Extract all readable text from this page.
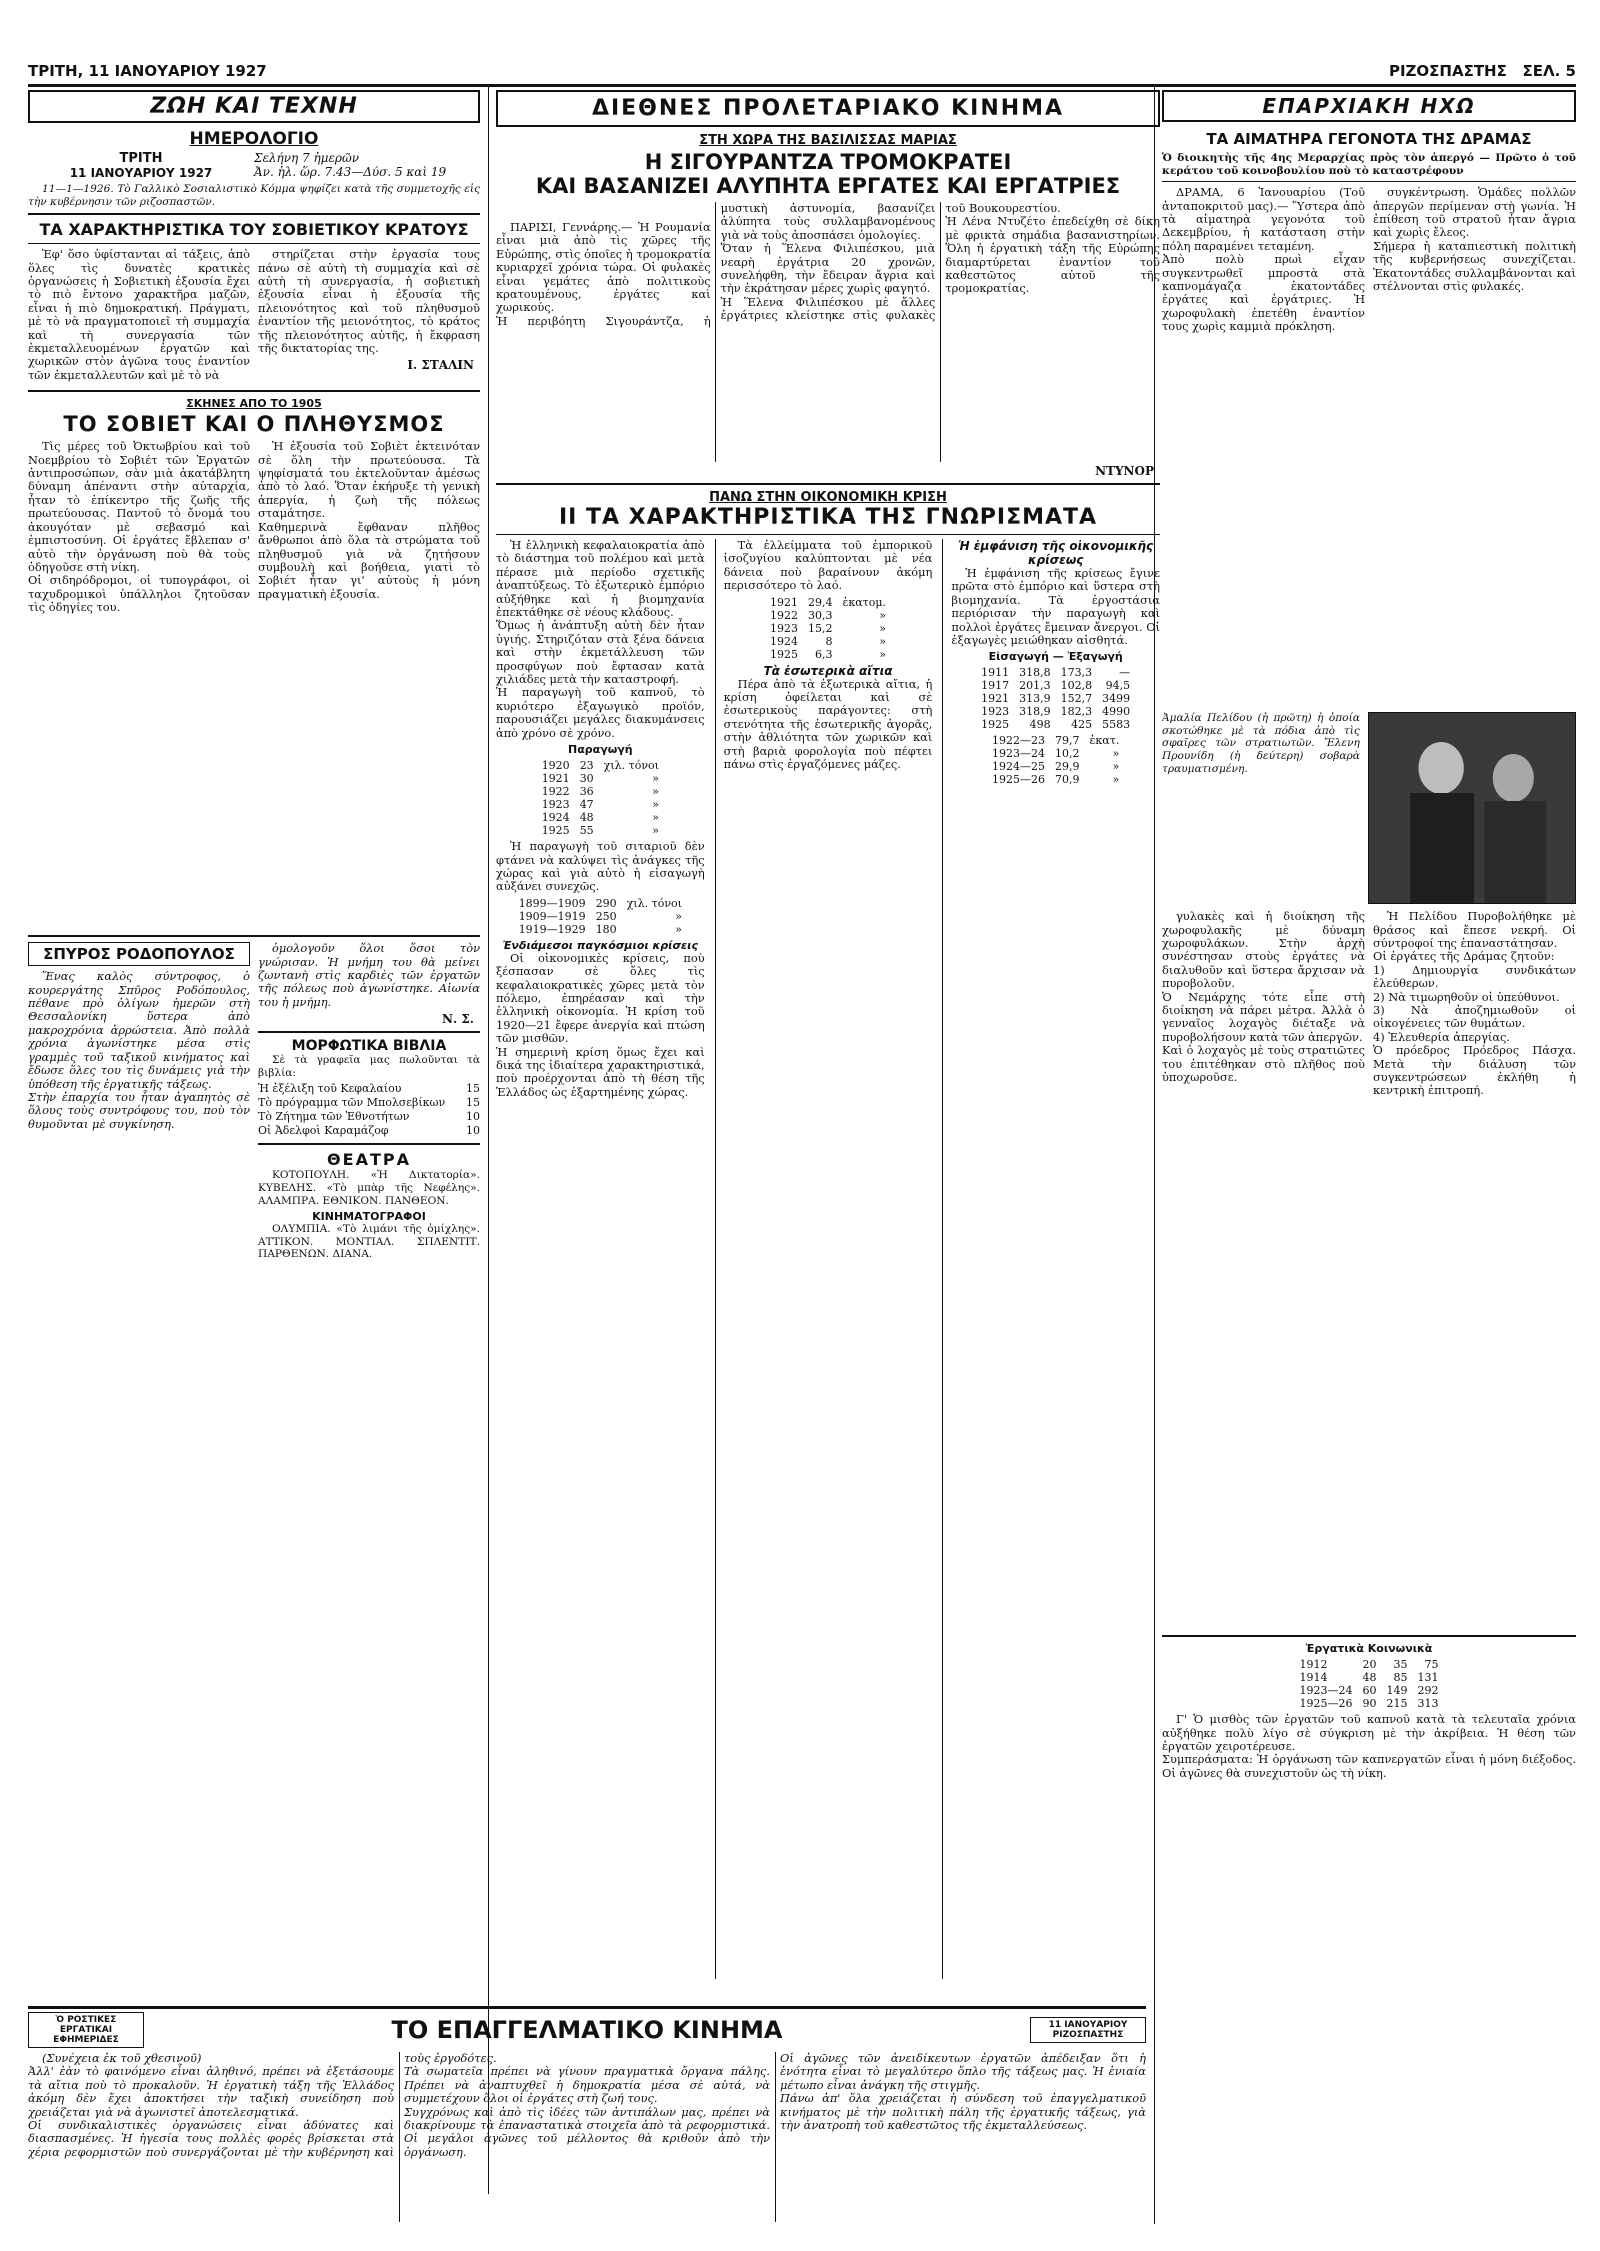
ΤΡΙΤΗ, 11 ΙΑΝΟΥΑΡΙΟΥ 1927	ΡΙΖΟΣΠΑΣΤΗΣ ΣΕΛ. 5
ΖΩΗ ΚΑΙ ΤΕΧΝΗ
ΗΜΕΡΟΛΟΓΙΟ
ΤΡΙΤΗ
11 ΙΑΝΟΥΑΡΙΟΥ 1927
Σελήνη 7 ἡμερῶν
Ἀν. ἡλ. ὥρ. 7.43—Δύσ. 5 καὶ 19

11—1—1926. Τὸ Γαλλικὸ Σοσιαλιστικὸ Κόμμα ψηφίζει κατὰ τῆς συμμετοχῆς εἰς τὴν κυβέρνησιν τῶν ριζοσπαστῶν.

ΤΑ ΧΑΡΑΚΤΗΡΙΣΤΙΚΑ ΤΟΥ ΣΟΒΙΕΤΙΚΟΥ ΚΡΑΤΟΥΣ

Ἐφ' ὅσο ὑφίστανται αἱ τάξεις, ἀπὸ ὅλες τὶς δυνατὲς κρατικὲς ὀργανώσεις ἡ Σοβιετικὴ ἐξουσία ἔχει τὸ πιὸ ἔντονο χαρακτῆρα μαζῶν, εἶναι ἡ πιὸ δημοκρατική. Πράγματι, μὲ τὸ νὰ πραγματοποιεῖ τὴ συμμαχία καὶ τὴ συνεργασία τῶν ἐκμεταλλευομένων ἐργατῶν καὶ χωρικῶν στὸν ἀγῶνα τους ἐναντίον τῶν ἐκμεταλλευτῶν καὶ μὲ τὸ νὰ

στηρίζεται στὴν ἐργασία τους πάνω σὲ αὐτὴ τὴ συμμαχία καὶ σὲ αὐτὴ τὴ συνεργασία, ἡ σοβιετικὴ ἐξουσία εἶναι ἡ ἐξουσία τῆς πλειονότητος καὶ τοῦ πληθυσμοῦ ἐναντίον τῆς μειονότητος, τὸ κράτος τῆς πλειονότητος αὐτῆς, ἡ ἔκφραση τῆς δικτατορίας της.

Ι. ΣΤΑΛΙΝ
ΣΚΗΝΕΣ ΑΠΟ ΤΟ 1905
ΤΟ ΣΟΒΙΕΤ ΚΑΙ Ο ΠΛΗΘΥΣΜΟΣ

Τὶς μέρες τοῦ Ὀκτωβρίου καὶ τοῦ Νοεμβρίου τὸ Σοβιέτ τῶν Ἐργατῶν ἀντιπροσώπων, σὰν μιὰ ἀκατάβλητη δύναμη ἀπέναντι στὴν αὐταρχία, ἦταν τὸ ἐπίκεντρο τῆς ζωῆς τῆς πρωτεύουσας. Παντοῦ τὸ ὄνομά του ἀκουγόταν μὲ σεβασμό καὶ ἐμπιστοσύνη. Οἱ ἐργάτες ἔβλεπαν σ' αὐτὸ τὴν ὀργάνωση ποὺ θὰ τοὺς ὁδηγοῦσε στὴ νίκη.
Οἱ σιδηρόδρομοι, οἱ τυπογράφοι, οἱ ταχυδρομικοὶ ὑπάλληλοι ζητοῦσαν τὶς ὁδηγίες του.

Ἡ ἐξουσία τοῦ Σοβιὲτ ἐκτεινόταν σὲ ὅλη τὴν πρωτεύουσα. Τὰ ψηφίσματά του ἐκτελοῦνταν ἀμέσως ἀπὸ τὸ λαό. Ὅταν ἐκήρυξε τὴ γενικὴ ἀπεργία, ἡ ζωὴ τῆς πόλεως σταμάτησε.
Καθημερινὰ ἔφθαναν πλῆθος ἄνθρωποι ἀπὸ ὅλα τὰ στρώματα τοῦ πληθυσμοῦ γιὰ νὰ ζητήσουν συμβουλὴ καὶ βοήθεια, γιατὶ τὸ Σοβιέτ ἦταν γι' αὐτοὺς ἡ μόνη πραγματικὴ ἐξουσία.

ΣΠΥΡΟΣ ΡΟΔΟΠΟΥΛΟΣ

Ἕνας καλὸς σύντροφος, ὁ κουρεργάτης Σπῦρος Ροδόπουλος, πέθανε πρὸ ὀλίγων ἡμερῶν στὴ Θεσσαλονίκη ὕστερα ἀπὸ μακροχρόνια ἀρρώστεια. Ἀπὸ πολλὰ χρόνια ἀγωνίστηκε μέσα στὶς γραμμὲς τοῦ ταξικοῦ κινήματος καὶ ἔδωσε ὅλες του τὶς δυνάμεις γιὰ τὴν ὑπόθεση τῆς ἐργατικῆς τάξεως.
Στὴν ἐπαρχία του ἦταν ἀγαπητὸς σὲ ὅλους τοὺς συντρόφους του, ποὺ τὸν θυμοῦνται μὲ συγκίνηση.

ὁμολογοῦν ὅλοι ὅσοι τὸν γνώρισαν. Ἡ μνήμη του θὰ μείνει ζωντανὴ στὶς καρδιὲς τῶν ἐργατῶν τῆς πόλεως ποὺ ἀγωνίστηκε. Αἰωνία του ἡ μνήμη.

Ν. Σ.
ΜΟΡΦΩΤΙΚΑ ΒΙΒΛΙΑ

Σὲ τὰ γραφεῖα μας πωλοῦνται τὰ βιβλία:

Ἡ ἐξέλιξη τοῦ Κεφαλαίου	15
Τὸ πρόγραμμα τῶν Μπολσεβίκων 15
Τὸ Ζήτημα τῶν Ἐθνοτήτων	10
Οἱ Ἀδελφοὶ Καραμάζοφ	10
ΘΕΑΤΡΑ

ΚΟΤΟΠΟΥΛΗ. «Ἡ Δικτατορία». ΚΥΒΕΛΗΣ. «Τὸ μπὰρ τῆς Νεφέλης». ΑΛΑΜΠΡΑ. ΕΘΝΙΚΟΝ. ΠΑΝΘΕΟΝ.

ΚΙΝΗΜΑΤΟΓΡΑΦΟΙ

ΟΛΥΜΠΙΑ. «Τὸ λιμάνι τῆς ὁμίχλης». ΑΤΤΙΚΟΝ. ΜΟΝΤΙΑΛ. ΣΠΛΕΝΤΙΤ. ΠΑΡΘΕΝΩΝ. ΔΙΑΝΑ.

ΔΙΕΘΝΕΣ ΠΡΟΛΕΤΑΡΙΑΚΟ ΚΙΝΗΜΑ
ΣΤΗ ΧΩΡΑ ΤΗΣ ΒΑΣΙΛΙΣΣΑΣ ΜΑΡΙΑΣ
Η ΣΙΓΟΥΡΑΝΤΖΑ ΤΡΟΜΟΚΡΑΤΕΙ
ΚΑΙ ΒΑΣΑΝΙΖΕΙ ΑΛΥΠΗΤΑ ΕΡΓΑΤΕΣ ΚΑΙ ΕΡΓΑΤΡΙΕΣ

ΠΑΡΙΣΙ, Γεννάρης.— Ἡ Ρουμανία εἶναι μιὰ ἀπὸ τὶς χῶρες τῆς Εὐρώπης, στὶς ὁποῖες ἡ τρομοκρατία κυριαρχεῖ χρόνια τώρα. Οἱ φυλακὲς εἶναι γεμάτες ἀπὸ πολιτικοὺς κρατουμένους, ἐργάτες καὶ χωρικούς.
Ἡ περιβόητη Σιγουράντζα, ἡ μυστικὴ ἀστυνομία, βασανίζει ἀλύπητα τοὺς συλλαμβανομένους γιὰ νὰ τοὺς ἀποσπάσει ὁμολογίες.
Ὅταν ἡ Ἕλενα Φιλιπέσκου, μιὰ νεαρὴ ἐργάτρια 20 χρονῶν, συνελήφθη, τὴν ἔδειραν ἄγρια καὶ τὴν ἐκράτησαν μέρες χωρὶς φαγητό.
Ἡ Ἕλενα Φιλιπέσκου μὲ ἄλλες ἐργάτριες κλείστηκε στὶς φυλακὲς τοῦ Βουκουρεστίου.
Ἡ Λένα Ντυζέτο ἐπεδείχθη σὲ δίκη μὲ φρικτὰ σημάδια βασανιστηρίων. Ὅλη ἡ ἐργατικὴ τάξη τῆς Εὐρώπης διαμαρτύρεται ἐναντίον τοῦ καθεστῶτος αὐτοῦ τῆς τρομοκρατίας.

ΝΤΥΝΟΡ
ΠΑΝΩ ΣΤΗΝ ΟΙΚΟΝΟΜΙΚΗ ΚΡΙΣΗ
ΙΙ ΤΑ ΧΑΡΑΚΤΗΡΙΣΤΙΚΑ ΤΗΣ ΓΝΩΡΙΣΜΑΤΑ

Ἡ ἑλληνικὴ κεφαλαιοκρατία ἀπὸ τὸ διάστημα τοῦ πολέμου καὶ μετὰ πέρασε μιὰ περίοδο σχετικῆς ἀναπτύξεως. Τὸ ἐξωτερικὸ ἐμπόριο αὐξήθηκε καὶ ἡ βιομηχανία ἐπεκτάθηκε σὲ νέους κλάδους.
Ὅμως ἡ ἀνάπτυξη αὐτὴ δὲν ἦταν ὑγιής. Στηριζόταν στὰ ξένα δάνεια καὶ στὴν ἐκμετάλλευση τῶν προσφύγων ποὺ ἔφτασαν κατὰ χιλιάδες μετὰ τὴν καταστροφή.
Ἡ παραγωγὴ τοῦ καπνοῦ, τὸ κυριότερο ἐξαγωγικὸ προϊόν, παρουσιάζει μεγάλες διακυμάνσεις ἀπὸ χρόνο σὲ χρόνο.

Παραγωγή
1920	23	χιλ. τόνοι
1921	30	»
1922	36	»
1923	47	»
1924	48	»
1925	55	»

Ἡ παραγωγὴ τοῦ σιταριοῦ δὲν φτάνει νὰ καλύψει τὶς ἀνάγκες τῆς χώρας καὶ γιὰ αὐτὸ ἡ εἰσαγωγὴ αὐξάνει συνεχῶς.

1899—1909	290	χιλ. τόνοι
1909—1919	250	»
1919—1929	180	»
Ἐνδιάμεσοι παγκόσμιοι κρίσεις

Οἱ οἰκονομικὲς κρίσεις, ποὺ ξέσπασαν σὲ ὅλες τὶς κεφαλαιοκρατικὲς χῶρες μετὰ τὸν πόλεμο, ἐπηρέασαν καὶ τὴν ἑλληνικὴ οἰκονομία. Ἡ κρίση τοῦ 1920—21 ἔφερε ἀνεργία καὶ πτώση τῶν μισθῶν.
Ἡ σημερινὴ κρίση ὅμως ἔχει καὶ δικά της ἰδιαίτερα χαρακτηριστικά, ποὺ προέρχονται ἀπὸ τὴ θέση τῆς Ἑλλάδος ὡς ἐξαρτημένης χώρας.

Τὰ ἐλλείμματα τοῦ ἐμπορικοῦ ἰσοζυγίου καλύπτονται μὲ νέα δάνεια ποὺ βαραίνουν ἀκόμη περισσότερο τὸ λαό.

1921	29,4	ἑκατομ.
1922	30,3	»
1923	15,2	»
1924	8	»
1925	6,3	»
Τὰ ἐσωτερικὰ αἴτια

Πέρα ἀπὸ τὰ ἐξωτερικὰ αἴτια, ἡ κρίση ὀφείλεται καὶ σὲ ἐσωτερικοὺς παράγοντες: στὴ στενότητα τῆς ἐσωτερικῆς ἀγορᾶς, στὴν ἀθλιότητα τῶν χωρικῶν καὶ στὴ βαριὰ φορολογία ποὺ πέφτει πάνω στὶς ἐργαζόμενες μάζες.

Ἡ ἐμφάνιση τῆς οἰκονομικῆς κρίσεως

Ἡ ἐμφάνιση τῆς κρίσεως ἔγινε πρῶτα στὸ ἐμπόριο καὶ ὕστερα στὴ βιομηχανία. Τὰ ἐργοστάσια περιόρισαν τὴν παραγωγὴ καὶ πολλοὶ ἐργάτες ἔμειναν ἄνεργοι. Οἱ ἐξαγωγὲς μειώθηκαν αἰσθητά.

Εἰσαγωγή — Ἐξαγωγή
1911	318,8	173,3	—
1917	201,3	102,8	94,5
1921	313,9	152,7	3499
1923	318,9	182,3	4990
1925	498	425	5583
1922—23	79,7	ἑκατ.
1923—24	10,2	»
1924—25	29,9	»
1925—26	70,9	»
Ὁ ΡΟΣΤΙΚΕΣ ΕΡΓΑΤΙΚΑΙ ΕΦΗΜΕΡΙΔΕΣ	ΤΟ ΕΠΑΓΓΕΛΜΑΤΙΚΟ ΚΙΝΗΜΑ	11 ΙΑΝΟΥΑΡΙΟΥ ΡΙΖΟΣΠΑΣΤΗΣ

(Συνέχεια ἐκ τοῦ χθεσινοῦ)
Ἀλλ' ἐὰν τὸ φαινόμενο εἶναι ἀληθινό, πρέπει νὰ ἐξετάσουμε τὰ αἴτια ποὺ τὸ προκαλοῦν. Ἡ ἐργατικὴ τάξη τῆς Ἑλλάδος ἀκόμη δὲν ἔχει ἀποκτήσει τὴν ταξικὴ συνείδηση ποὺ χρειάζεται γιὰ νὰ ἀγωνιστεῖ ἀποτελεσματικά.
Οἱ συνδικαλιστικὲς ὀργανώσεις εἶναι ἀδύνατες καὶ διασπασμένες. Ἡ ἡγεσία τους πολλὲς φορὲς βρίσκεται στὰ χέρια ρεφορμιστῶν ποὺ συνεργάζονται μὲ τὴν κυβέρνηση καὶ τοὺς ἐργοδότες.
Τὰ σωματεῖα πρέπει νὰ γίνουν πραγματικὰ ὄργανα πάλης. Πρέπει νὰ ἀναπτυχθεῖ ἡ δημοκρατία μέσα σὲ αὐτά, νὰ συμμετέχουν ὅλοι οἱ ἐργάτες στὴ ζωή τους.
Συγχρόνως καὶ ἀπὸ τὶς ἰδέες τῶν ἀντιπάλων μας, πρέπει νὰ διακρίνουμε τὰ ἐπαναστατικὰ στοιχεῖα ἀπὸ τὰ ρεφορμιστικά. Οἱ μεγάλοι ἀγῶνες τοῦ μέλλοντος θὰ κριθοῦν ἀπὸ τὴν ὀργάνωση.
Οἱ ἀγῶνες τῶν ἀνειδίκευτων ἐργατῶν ἀπέδειξαν ὅτι ἡ ἑνότητα εἶναι τὸ μεγαλύτερο ὅπλο τῆς τάξεως μας. Ἡ ἑνιαία μέτωπο εἶναι ἀνάγκη τῆς στιγμῆς.
Πάνω ἀπ' ὅλα χρειάζεται ἡ σύνδεση τοῦ ἐπαγγελματικοῦ κινήματος μὲ τὴν πολιτικὴ πάλη τῆς ἐργατικῆς τάξεως, γιὰ τὴν ἀνατροπὴ τοῦ καθεστῶτος τῆς ἐκμεταλλεύσεως.

ΕΠΑΡΧΙΑΚΗ ΗΧΩ
ΤΑ ΑΙΜΑΤΗΡΑ ΓΕΓΟΝΟΤΑ ΤΗΣ ΔΡΑΜΑΣ

Ὁ διοικητὴς τῆς 4ης Μεραρχίας πρὸς τὸν ἀπεργό — Πρῶτο ὁ τοῦ κεράτου τοῦ κοινοβουλίου ποὺ τὸ καταστρέφουν

ΔΡΑΜΑ, 6 Ἰανουαρίου (Τοῦ ἀνταποκριτοῦ μας).— Ὕστερα ἀπὸ τὰ αἱματηρὰ γεγονότα τοῦ Δεκεμβρίου, ἡ κατάσταση στὴν πόλη παραμένει τεταμένη.
Ἀπὸ πολὺ πρωὶ εἶχαν συγκεντρωθεῖ μπροστὰ στὰ καπνομάγαζα ἑκατοντάδες ἐργάτες καὶ ἐργάτριες. Ἡ χωροφυλακὴ ἐπετέθη ἐναντίον τους χωρὶς καμμιὰ πρόκληση.

συγκέντρωση. Ὁμάδες πολλῶν ἀπεργῶν περίμεναν στὴ γωνία. Ἡ ἐπίθεση τοῦ στρατοῦ ἦταν ἄγρια καὶ χωρὶς ἔλεος.
Σήμερα ἡ καταπιεστικὴ πολιτικὴ τῆς κυβερνήσεως συνεχίζεται. Ἐκατοντάδες συλλαμβάνονται καὶ στέλνονται στὶς φυλακές.

Ἀμαλία Πελίδου (ἡ πρῶτη) ἡ ὁποία σκοτώθηκε μὲ τὰ πόδια ἀπὸ τὶς σφαῖρες τῶν στρατιωτῶν. Ἔλενη Προυνίδη (ἡ δεύτερη) σοβαρὰ τραυματισμένη.

γυλακὲς καὶ ἡ διοίκηση τῆς χωροφυλακῆς μὲ δύναμη χωροφυλάκων. Στὴν ἀρχὴ συνέστησαν στοὺς ἐργάτες νὰ διαλυθοῦν καὶ ὕστερα ἄρχισαν νὰ πυροβολοῦν.
Ὁ Νεμάρχης τότε εἶπε στὴ διοίκηση νὰ πάρει μέτρα. Ἀλλὰ ὁ γενναῖος λοχαγὸς διέταξε νὰ πυροβολήσουν κατὰ τῶν ἀπεργῶν.
Καὶ ὁ λοχαγὸς μὲ τοὺς στρατιῶτες του ἐπιτέθηκαν στὸ πλῆθος ποὺ ὑποχωροῦσε.

Ἡ Πελίδου Πυροβολήθηκε μὲ θράσος καὶ ἔπεσε νεκρή. Οἱ σύντροφοί της ἐπαναστάτησαν.
Οἱ ἐργάτες τῆς Δράμας ζητοῦν:
1) Δημιουργία συνδικάτων ἐλεύθερων.
2) Νὰ τιμωρηθοῦν οἱ ὑπεύθυνοι.
3) Νὰ ἀποζημιωθοῦν οἱ οἰκογένειες τῶν θυμάτων.
4) Ἐλευθερία ἀπεργίας.
Ὁ πρόεδρος Πρόεδρος Πάσχα. Μετὰ τὴν διάλυση τῶν συγκεντρώσεων ἐκλήθη ἡ κεντρικὴ ἐπιτροπή.

Ἐργατικὰ Κοινωνικὰ
1912	20	35	75
1914	48	85	131
1923—24	60	149	292
1925—26	90	215	313

Γ' Ὁ μισθὸς τῶν ἐργατῶν τοῦ καπνοῦ κατὰ τὰ τελευταῖα χρόνια αὐξήθηκε πολὺ λίγο σὲ σύγκριση μὲ τὴν ἀκρίβεια. Ἡ θέση τῶν ἐργατῶν χειροτέρευσε.
Συμπεράσματα: Ἡ ὀργάνωση τῶν καπνεργατῶν εἶναι ἡ μόνη διέξοδος. Οἱ ἀγῶνες θὰ συνεχιστοῦν ὡς τὴ νίκη.
